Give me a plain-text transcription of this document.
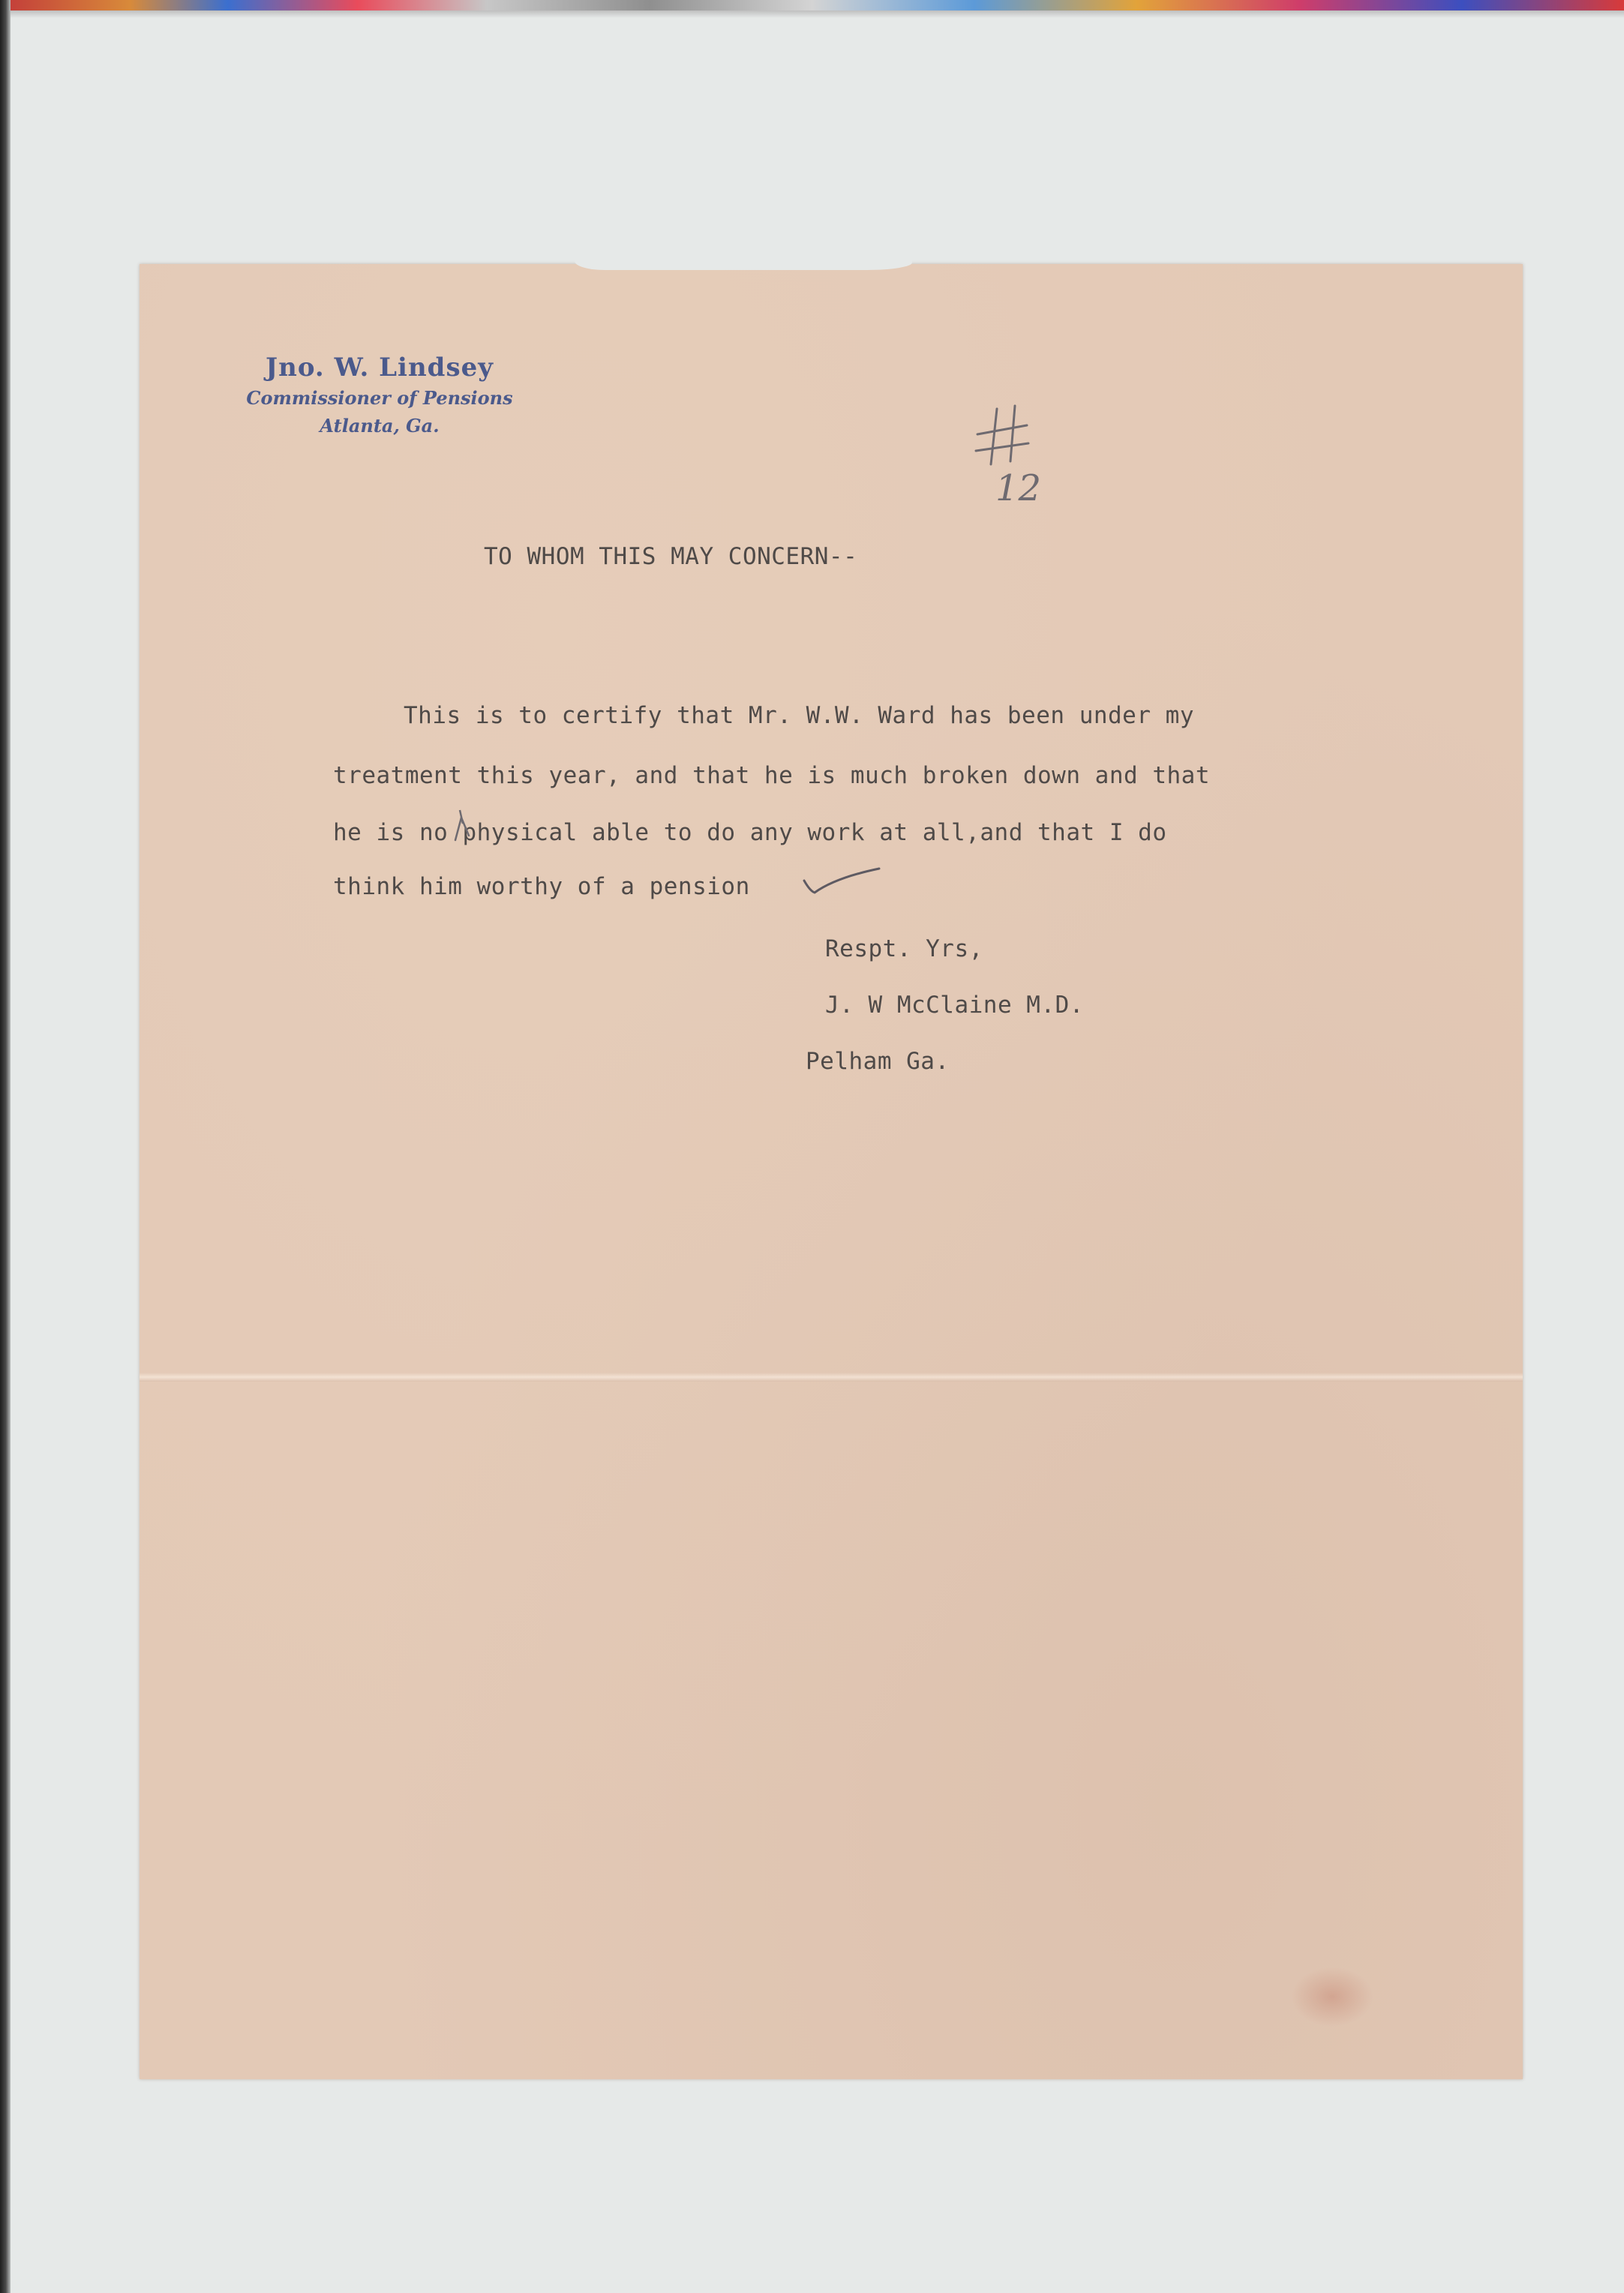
Jno. W. Lindsey
Commissioner of Pensions
Atlanta, Ga.
12
TO WHOM THIS MAY CONCERN--
This is to certify that Mr. W.W. Ward has been under my
treatment this year, and that he is much broken down and that
he is no physical able to do any work at all,and that I do
think him worthy of a pension
Respt. Yrs,
J. W McClaine M.D.
Pelham Ga.
